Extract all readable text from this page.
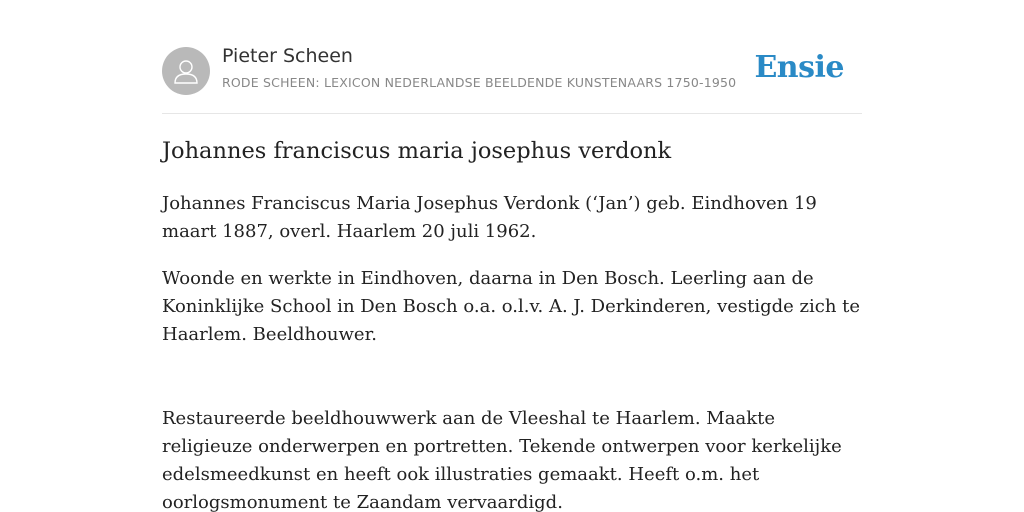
Pieter Scheen
RODE SCHEEN: LEXICON NEDERLANDSE BEELDENDE KUNSTENAARS 1750-1950 Ensie
Johannes franciscus maria josephus verdonk

Johannes Franciscus Maria Josephus Verdonk (‘Jan’) geb. Eindhoven 19 maart 1887, overl. Haarlem 20 juli 1962.

Woonde en werkte in Eindhoven, daarna in Den Bosch. Leerling aan de Koninklijke School in Den Bosch o.a. o.l.v. A. J. Derkinderen, vestigde zich te Haarlem. Beeldhouwer.

Restaureerde beeldhouwwerk aan de Vleeshal te Haarlem. Maakte religieuze onderwerpen en portretten. Tekende ontwerpen voor kerkelijke edelsmeedkunst en heeft ook illustraties gemaakt. Heeft o.m. het oorlogsmonument te Zaandam vervaardigd.
